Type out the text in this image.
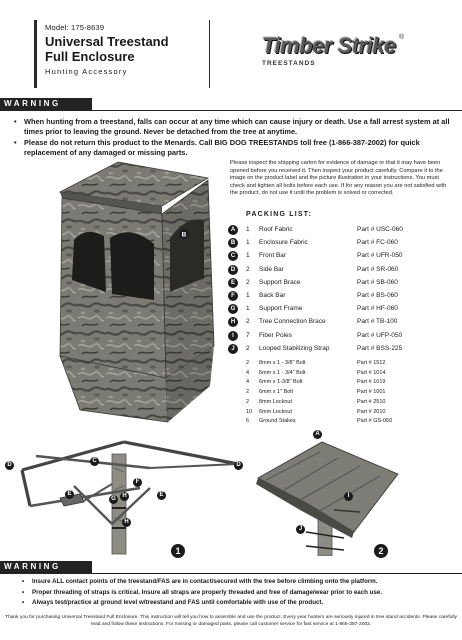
Model: 175-8639
Universal Treestand
Full Enclosure
Hunting Accessory
Timber Strike ®
TREESTANDS
WARNING
• When hunting from a treestand, falls can occur at any time which can cause injury or death. Use a fall arrest system at all times prior to leaving the ground. Never be detached from the tree at anytime.
• Please do not return this product to the Menards. Call BIG DOG TREESTANDS toll free (1-866-387-2002) for quick replacement of any damaged or missing parts.
B
Please inspect the shipping carton for evidence of damage or that it may have been opened before you received it. Then inspect your product carefully. Compare it to the image on the product label and the picture illustration in your instructions. You must check and tighten all bolts before each use. If for any reason you are not satisfied with the product, do not use it until the problem is solved or corrected.
PACKING LIST:
A	1 Roof Fabric	Part # USC-060
B	1 Enclosure Fabric	Part # FC-060
C	1 Front Bar	Part # UFR-050
D	2 Side Bar	Part # SR-060
E	2 Support Brace	Part # SB-060
F	1 Back Bar	Part # BS-060
G	1 Support Frame	Part # HF-060
H	2 Tree Connection Brace	Part # TB-100
I	7 Fiber Poles	Part # UFP-050
J	2 Looped Stabilizing Strap	Part # BSS-225
2 8mm x 1 - 3/8" Bolt	Part # 1512
4 6mm x 1 - 3/4" Bolt	Part # 1014
4 6mm x 1-3/8" Bolt	Part # 1019
2 6mm x 1" Bolt	Part # 1001
2 8mm Locknut	Part # 2510
10 6mm Locknut	Part # 2010
6 Ground Stakes	Part # GS-060
D
C
H
F
E
G
E
D
H
A
I
J
1	2
WARNING
• Insure ALL contact points of the treestand/FAS are in contact/secured with the tree before climbing onto the platform.
• Proper threading of straps is critical. Insure all straps are properly threaded and free of damage/wear prior to each use.
• Always test/practice at ground level w/treestand and FAS until comfortable with use of the product.
Thank you for purchasing Universal Treestand Full Enclosure. This instruction will tell you how to assemble and use the product. Every year hunters are seriously injured in tree stand accidents. Please carefully read and follow these instructions. For missing or damaged parts, please call customer service for fast service at 1-866-387-2002.
